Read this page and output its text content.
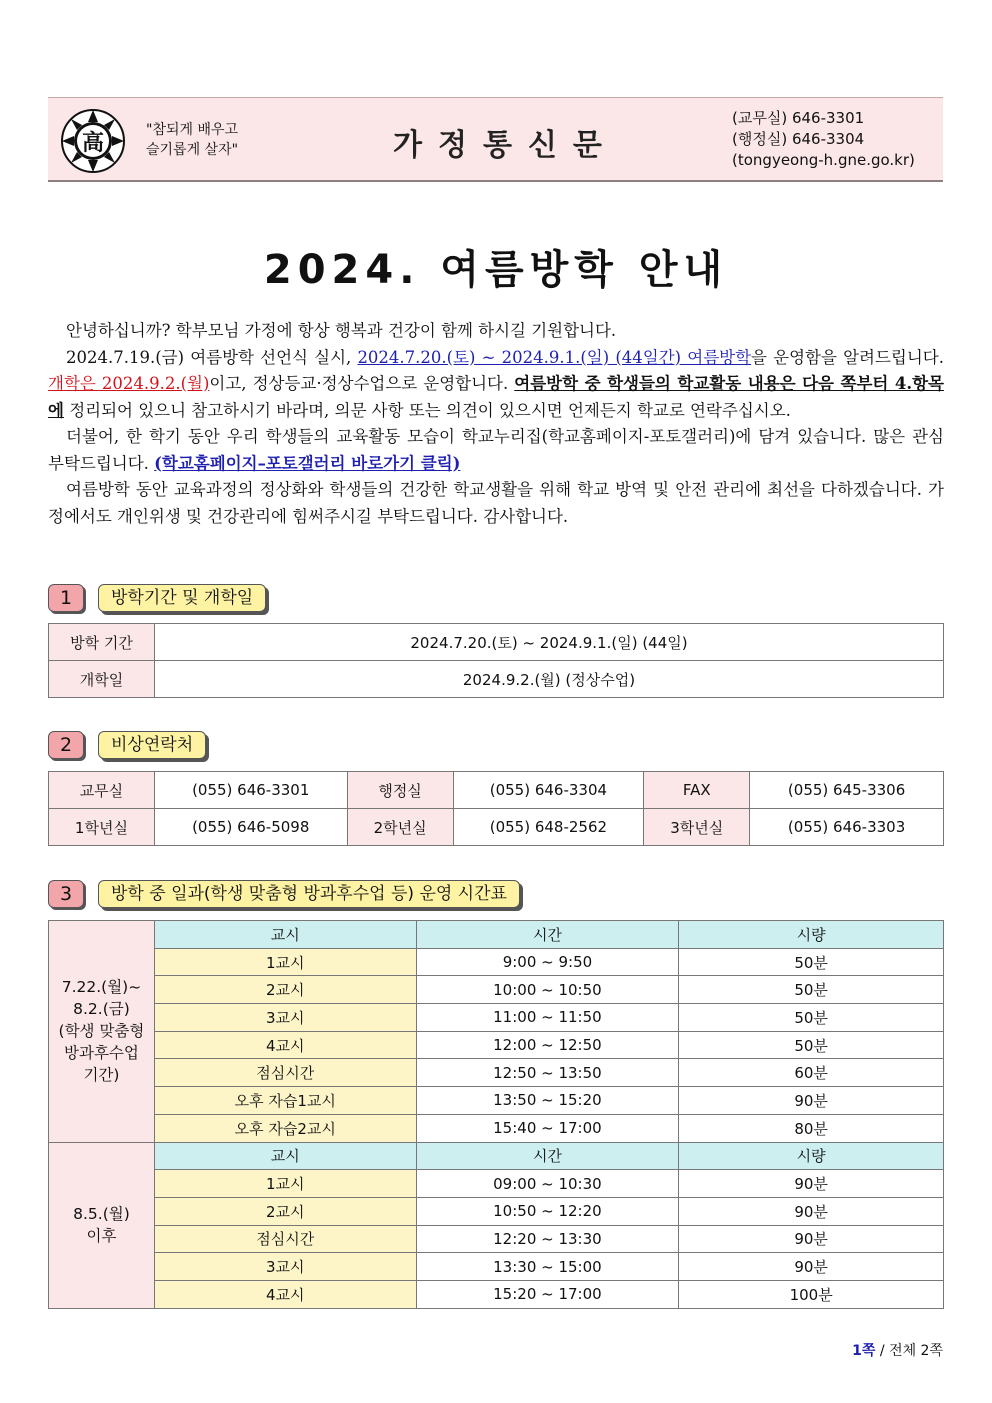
高
"참되게 배우고
슬기롭게 살자"	가정통신문
(교무실) 646-3301
(행정실) 646-3304
(tongyeong-h.gne.go.kr)
2024. 여름방학 안내

안녕하십니까? 학부모님 가정에 항상 행복과 건강이 함께 하시길 기원합니다.

2024.7.19.(금) 여름방학 선언식 실시, 2024.7.20.(토) ~ 2024.9.1.(일) (44일간) 여름방학을 운영함을 알려드립니다. 개학은 2024.9.2.(월)이고, 정상등교·정상수업으로 운영합니다. 여름방학 중 학생들의 학교활동 내용은 다음 쪽부터 4.항목에 정리되어 있으니 참고하시기 바라며, 의문 사항 또는 의견이 있으시면 언제든지 학교로 연락주십시오.

더불어, 한 학기 동안 우리 학생들의 교육활동 모습이 학교누리집(학교홈페이지-포토갤러리)에 담겨 있습니다. 많은 관심 부탁드립니다. (학교홈페이지–포토갤러리 바로가기 클릭)

여름방학 동안 교육과정의 정상화와 학생들의 건강한 학교생활을 위해 학교 방역 및 안전 관리에 최선을 다하겠습니다. 가정에서도 개인위생 및 건강관리에 힘써주시길 부탁드립니다. 감사합니다.

1	방학기간 및 개학일
방학 기간	2024.7.20.(토) ~ 2024.9.1.(일) (44일)
개학일	2024.9.2.(월) (정상수업)
2	비상연락처
교무실	(055) 646-3301	행정실	(055) 646-3304	FAX	(055) 645-3306
1학년실	(055) 646-5098	2학년실	(055) 648-2562	3학년실	(055) 646-3303
3	방학 중 일과(학생 맞춤형 방과후수업 등) 운영 시간표
7.22.(월)~
8.2.(금)
(학생 맞춤형
방과후수업
기간)	교시	시간	시량
	1교시	9:00 ~ 9:50	50분
	2교시	10:00 ~ 10:50	50분
	3교시	11:00 ~ 11:50	50분
	4교시	12:00 ~ 12:50	50분
	점심시간	12:50 ~ 13:50	60분
	오후 자습1교시	13:50 ~ 15:20	90분
	오후 자습2교시	15:40 ~ 17:00	80분

8.5.(월)
이후	교시	시간	시량
	1교시	09:00 ~ 10:30	90분
	2교시	10:50 ~ 12:20	90분
	점심시간	12:20 ~ 13:30	90분
	3교시	13:30 ~ 15:00	90분
	4교시	15:20 ~ 17:00	100분
1쪽 / 전체 2쪽
